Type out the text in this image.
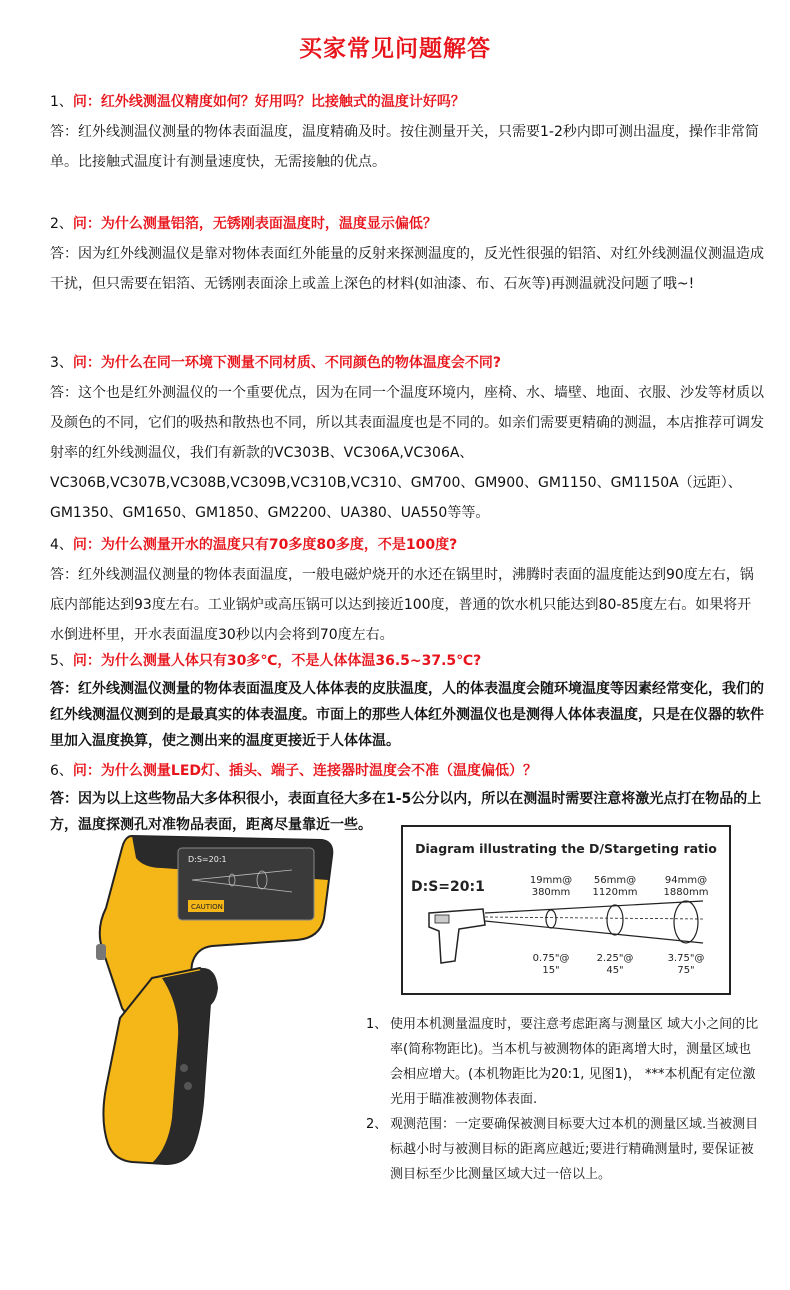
买家常见问题解答
1、问：红外线测温仪精度如何？好用吗？比接触式的温度计好吗？
答：红外线测温仪测量的物体表面温度，温度精确及时。按住测量开关，只需要1-2秒内即可测出温度，操作非常简单。比接触式温度计有测量速度快，无需接触的优点。
2、问：为什么测量铝箔，无锈刚表面温度时，温度显示偏低？
答：因为红外线测温仪是靠对物体表面红外能量的反射来探测温度的，反光性很强的铝箔、对红外线测温仪测温造成干扰，但只需要在铝箔、无锈刚表面涂上或盖上深色的材料(如油漆、布、石灰等)再测温就没问题了哦~!
3、问：为什么在同一环境下测量不同材质、不同颜色的物体温度会不同?
答：这个也是红外测温仪的一个重要优点，因为在同一个温度环境内，座椅、水、墙壁、地面、衣服、沙发等材质以及颜色的不同，它们的吸热和散热也不同，所以其表面温度也是不同的。如亲们需要更精确的测温，本店推荐可调发射率的红外线测温仪，我们有新款的VC303B、VC306A,VC306A、VC306B,VC307B,VC308B,VC309B,VC310B,VC310、GM700、GM900、GM1150、GM1150A（远距）、GM1350、GM1650、GM1850、GM2200、UA380、UA550等等。
4、问：为什么测量开水的温度只有70多度80多度，不是100度?
答：红外线测温仪测量的物体表面温度，一般电磁炉烧开的水还在锅里时，沸腾时表面的温度能达到90度左右，锅底内部能达到93度左右。工业锅炉或高压锅可以达到接近100度，普通的饮水机只能达到80-85度左右。如果将开水倒进杯里，开水表面温度30秒以内会将到70度左右。
5、问：为什么测量人体只有30多℃，不是人体体温36.5~37.5℃?
答：红外线测温仪测量的物体表面温度及人体体表的皮肤温度，人的体表温度会随环境温度等因素经常变化，我们的红外线测温仪测到的是最真实的体表温度。市面上的那些人体红外测温仪也是测得人体体表温度，只是在仪器的软件里加入温度换算，使之测出来的温度更接近于人体体温。
6、问：为什么测量LED灯、插头、端子、连接器时温度会不准（温度偏低）？
答：因为以上这些物品大多体积很小，表面直径大多在1-5公分以内，所以在测温时需要注意将激光点打在物品的上方，温度探测孔对准物品表面，距离尽量靠近一些。
D:S=20:1
CAUTION
Diagram illustrating the D/Stargeting ratio
D:S=20:1	19mm@
380mm
56mm@
1120mm
94mm@
1880mm
0.75"@
15"
2.25"@
45"
3.75"@
75"
1、 使用本机测量温度时，要注意考虑距离与测量区 域大小之间的比率(简称物距比)。当本机与被测物体的距离增大时，测量区域也会相应增大。(本机物距比为20:1, 见图1)， ***本机配有定位激光用于瞄准被测物体表面.
2、 观测范围：一定要确保被测目标要大过本机的测量区域.当被测目标越小时与被测目标的距离应越近;要进行精确测量时, 要保证被测目标至少比测量区域大过一倍以上。
